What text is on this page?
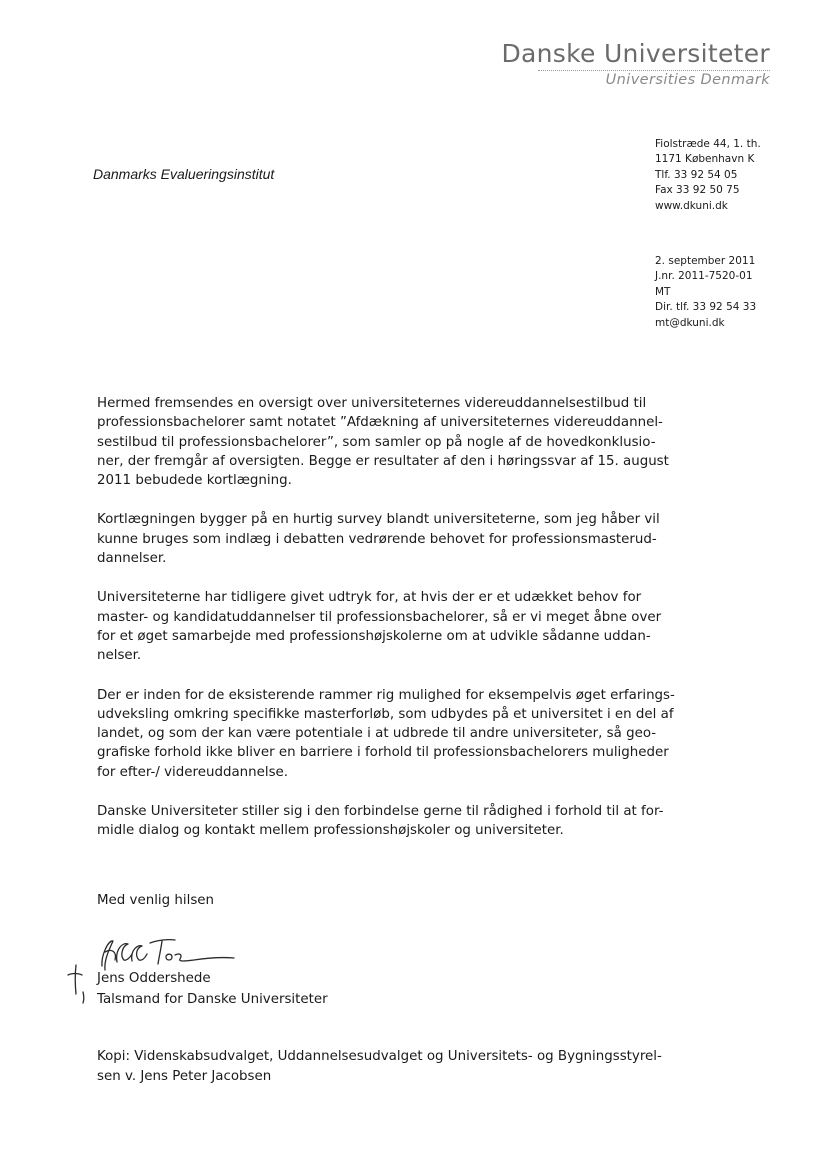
Danske Universiteter
Universities Denmark
Danmarks Evalueringsinstitut
Fiolstræde 44, 1. th.
1171 København K
Tlf. 33 92 54 05
Fax 33 92 50 75
www.dkuni.dk
2. september 2011
J.nr. 2011-7520-01
MT
Dir. tlf. 33 92 54 33
mt@dkuni.dk

Hermed fremsendes en oversigt over universiteternes videreuddannelsestilbud til
professionsbachelorer samt notatet ”Afdækning af universiteternes videreuddannel-
sestilbud til professionsbachelorer”, som samler op på nogle af de hovedkonklusio-
ner, der fremgår af oversigten. Begge er resultater af den i høringssvar af 15. august
2011 bebudede kortlægning.

Kortlægningen bygger på en hurtig survey blandt universiteterne, som jeg håber vil
kunne bruges som indlæg i debatten vedrørende behovet for professionsmasterud-
dannelser.

Universiteterne har tidligere givet udtryk for, at hvis der er et udækket behov for
master- og kandidatuddannelser til professionsbachelorer, så er vi meget åbne over
for et øget samarbejde med professionshøjskolerne om at udvikle sådanne uddan-
nelser.

Der er inden for de eksisterende rammer rig mulighed for eksempelvis øget erfarings-
udveksling omkring specifikke masterforløb, som udbydes på et universitet i en del af
landet, og som der kan være potentiale i at udbrede til andre universiteter, så geo-
grafiske forhold ikke bliver en barriere i forhold til professionsbachelorers muligheder
for efter-/ videreuddannelse.

Danske Universiteter stiller sig i den forbindelse gerne til rådighed i forhold til at for-
midle dialog og kontakt mellem professionshøjskoler og universiteter.

Med venlig hilsen
Jens Oddershede
Talsmand for Danske Universiteter
Kopi: Videnskabsudvalget, Uddannelsesudvalget og Universitets- og Bygningsstyrel-
sen v. Jens Peter Jacobsen
